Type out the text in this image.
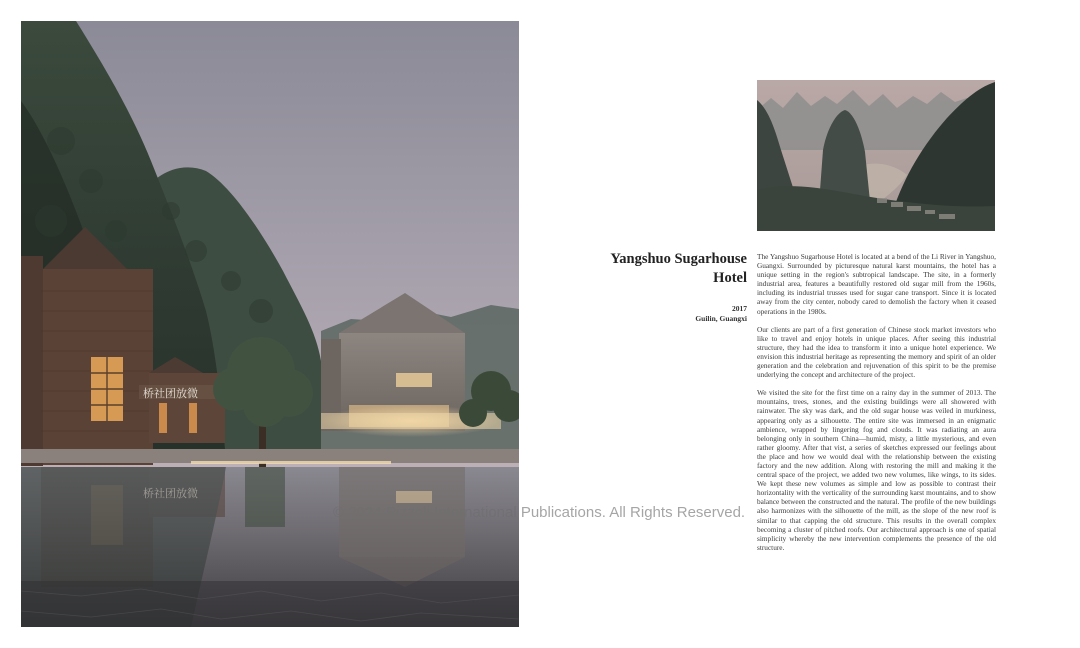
桥社团放微
桥社团放微
Yangshuo Sugarhouse
Hotel
2017
Guilin, Guangxi

The Yangshuo Sugarhouse Hotel is located at a bend of the Li River in Yangshuo, Guangxi. Surrounded by picturesque natural karst mountains, the hotel has a unique setting in the region's subtropical landscape. The site, in a formerly industrial area, features a beautifully restored old sugar mill from the 1960s, including its industrial trusses used for sugar cane transport. Since it is located away from the city center, nobody cared to demolish the factory when it ceased operations in the 1980s.

Our clients are part of a first generation of Chinese stock market investors who like to travel and enjoy hotels in unique places. After seeing this industrial structure, they had the idea to transform it into a unique hotel experience. We envision this industrial heritage as representing the memory and spirit of an older generation and the celebration and rejuvenation of this spirit to be the premise underlying the concept and architecture of the project.

We visited the site for the first time on a rainy day in the summer of 2013. The mountains, trees, stones, and the existing buildings were all showered with rainwater. The sky was dark, and the old sugar house was veiled in murkiness, appearing only as a silhouette. The entire site was immersed in an enigmatic ambience, wrapped by lingering fog and clouds. It was radiating an aura belonging only in southern China—humid, misty, a little mysterious, and even rather gloomy. After that vist, a series of sketches expressed our feelings about the place and how we would deal with the relationship between the existing factory and the new addition. Along with restoring the mill and making it the central space of the project, we added two new volumes, like wings, to its sides. We kept these new volumes as simple and low as possible to contrast their horizontality with the verticality of the surrounding karst mountains, and to show balance between the constructed and the natural. The profile of the new buildings also harmonizes with the silhouette of the mill, as the slope of the new roof is similar to that capping the old structure. This results in the overall complex becoming a cluster of pitched roofs. Our architectural approach is one of spatial simplicity whereby the new intervention complements the presence of the old structure.

© 2024 Rizzoli International Publications. All Rights Reserved.
